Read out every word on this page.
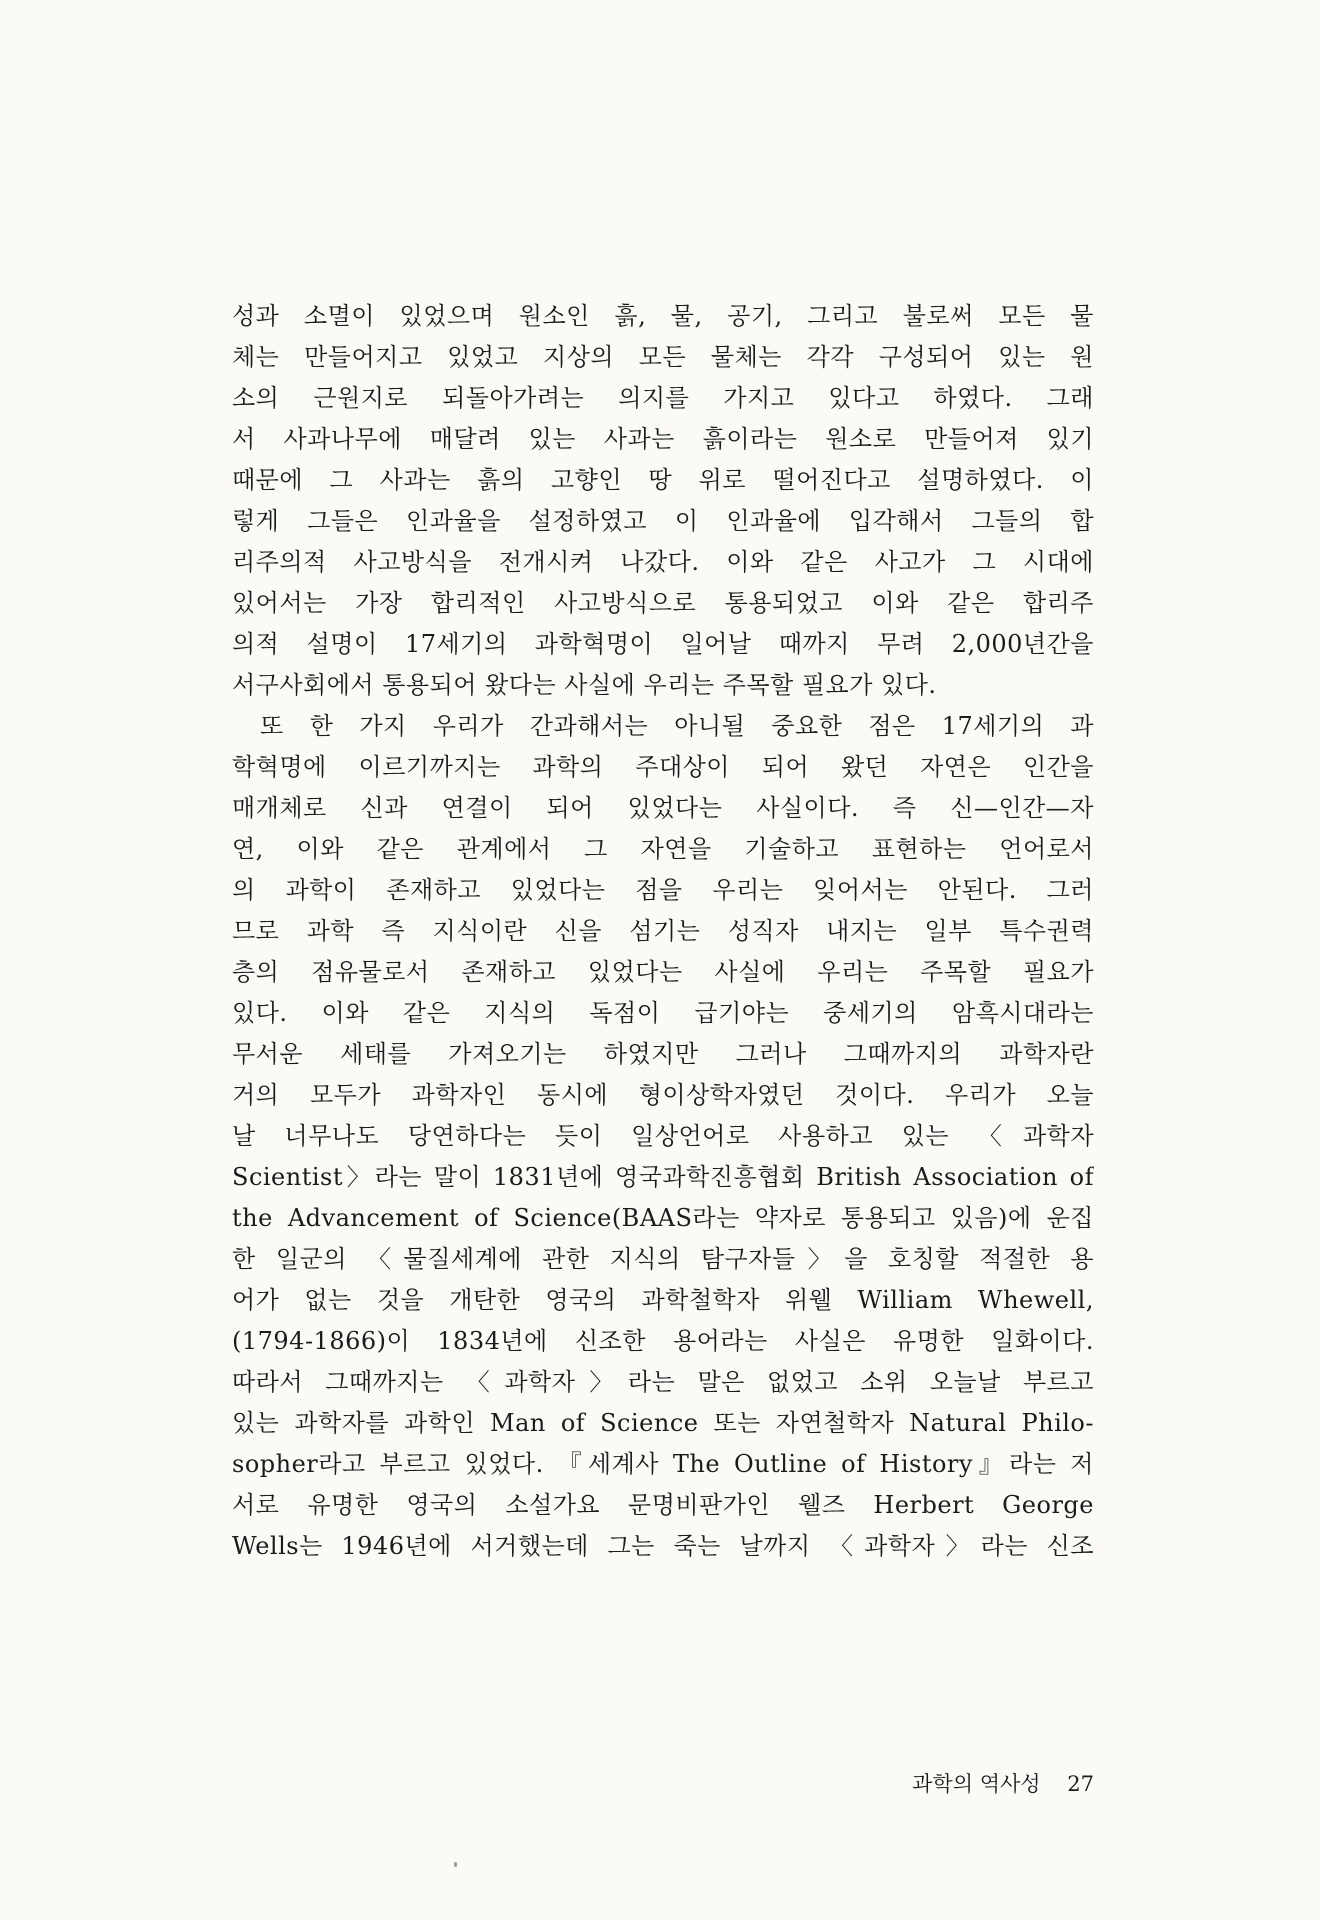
성과 소멸이 있었으며 원소인 흙, 물, 공기, 그리고 불로써 모든 물
체는 만들어지고 있었고 지상의 모든 물체는 각각 구성되어 있는 원
소의 근원지로 되돌아가려는 의지를 가지고 있다고 하였다. 그래
서 사과나무에 매달려 있는 사과는 흙이라는 원소로 만들어져 있기
때문에 그 사과는 흙의 고향인 땅 위로 떨어진다고 설명하였다. 이
렇게 그들은 인과율을 설정하였고 이 인과율에 입각해서 그들의 합
리주의적 사고방식을 전개시켜 나갔다. 이와 같은 사고가 그 시대에
있어서는 가장 합리적인 사고방식으로 통용되었고 이와 같은 합리주
의적 설명이 17세기의 과학혁명이 일어날 때까지 무려 2,000년간을
서구사회에서 통용되어 왔다는 사실에 우리는 주목할 필요가 있다.
또 한 가지 우리가 간과해서는 아니될 중요한 점은 17세기의 과
학혁명에 이르기까지는 과학의 주대상이 되어 왔던 자연은 인간을
매개체로 신과 연결이 되어 있었다는 사실이다. 즉 신—인간—자
연, 이와 같은 관계에서 그 자연을 기술하고 표현하는 언어로서
의 과학이 존재하고 있었다는 점을 우리는 잊어서는 안된다. 그러
므로 과학 즉 지식이란 신을 섬기는 성직자 내지는 일부 특수권력
층의 점유물로서 존재하고 있었다는 사실에 우리는 주목할 필요가
있다. 이와 같은 지식의 독점이 급기야는 중세기의 암흑시대라는
무서운 세태를 가져오기는 하였지만 그러나 그때까지의 과학자란
거의 모두가 과학자인 동시에 형이상학자였던 것이다. 우리가 오늘
날 너무나도 당연하다는 듯이 일상언어로 사용하고 있는 〈과학자
Scientist〉라는 말이 1831년에 영국과학진흥협회 British Association of
the Advancement of Science(BAAS라는 약자로 통용되고 있음)에 운집
한 일군의 〈물질세계에 관한 지식의 탐구자들〉을 호칭할 적절한 용
어가 없는 것을 개탄한 영국의 과학철학자 위웰 William Whewell,
(1794-1866)이 1834년에 신조한 용어라는 사실은 유명한 일화이다.
따라서 그때까지는 〈과학자〉라는 말은 없었고 소위 오늘날 부르고
있는 과학자를 과학인 Man of Science 또는 자연철학자 Natural Philo-
sopher라고 부르고 있었다. 『세계사 The Outline of History』라는 저
서로 유명한 영국의 소설가요 문명비판가인 웰즈 Herbert George
Wells는 1946년에 서거했는데 그는 죽는 날까지 〈과학자〉라는 신조
과학의 역사성 27
